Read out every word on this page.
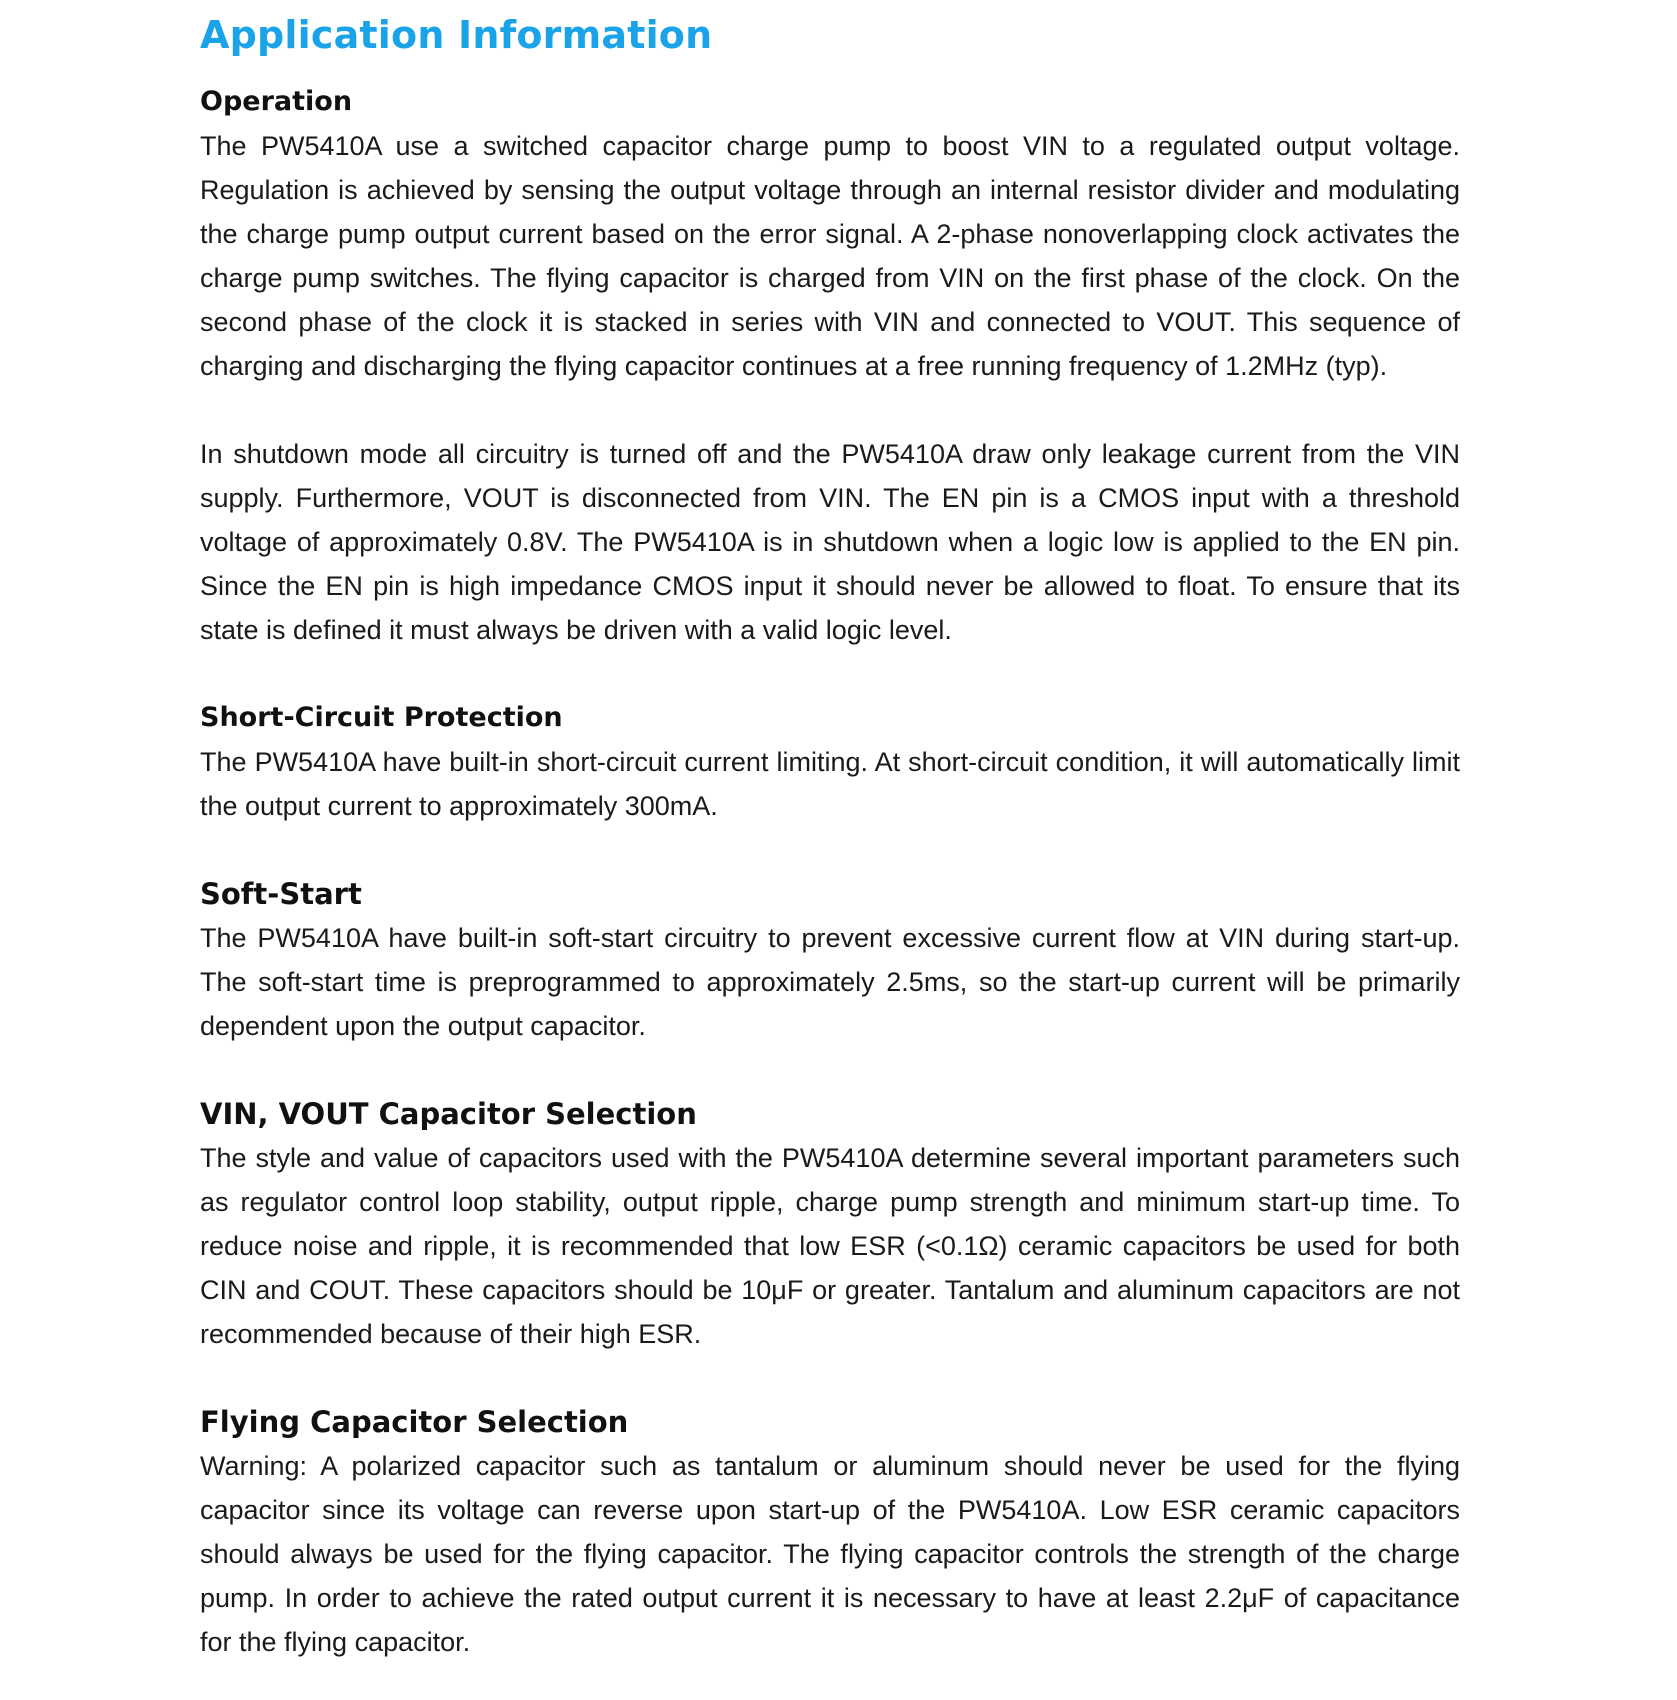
Application Information
Operation

The PW5410A use a switched capacitor charge pump to boost VIN to a regulated output voltage. Regulation is achieved by sensing the output voltage through an internal resistor divider and modulating the charge pump output current based on the error signal. A 2-phase nonoverlapping clock activates the charge pump switches. The flying capacitor is charged from VIN on the first phase of the clock. On the second phase of the clock it is stacked in series with VIN and connected to VOUT. This sequence of charging and discharging the flying capacitor continues at a free running frequency of 1.2MHz (typ).

In shutdown mode all circuitry is turned off and the PW5410A draw only leakage current from the VIN supply. Furthermore, VOUT is disconnected from VIN. The EN pin is a CMOS input with a threshold voltage of approximately 0.8V. The PW5410A is in shutdown when a logic low is applied to the EN pin. Since the EN pin is high impedance CMOS input it should never be allowed to float. To ensure that its state is defined it must always be driven with a valid logic level.

Short-Circuit Protection

The PW5410A have built-in short-circuit current limiting. At short-circuit condition, it will automatically limit the output current to approximately 300mA.

Soft-Start

The PW5410A have built-in soft-start circuitry to prevent excessive current flow at VIN during start-up. The soft-start time is preprogrammed to approximately 2.5ms, so the start-up current will be primarily dependent upon the output capacitor.

VIN, VOUT Capacitor Selection

The style and value of capacitors used with the PW5410A determine several important parameters such as regulator control loop stability, output ripple, charge pump strength and minimum start-up time. To reduce noise and ripple, it is recommended that low ESR (<0.1Ω) ceramic capacitors be used for both CIN and COUT. These capacitors should be 10μF or greater. Tantalum and aluminum capacitors are not recommended because of their high ESR.

Flying Capacitor Selection

Warning: A polarized capacitor such as tantalum or aluminum should never be used for the flying capacitor since its voltage can reverse upon start-up of the PW5410A. Low ESR ceramic capacitors should always be used for the flying capacitor. The flying capacitor controls the strength of the charge pump. In order to achieve the rated output current it is necessary to have at least 2.2μF of capacitance for the flying capacitor.
